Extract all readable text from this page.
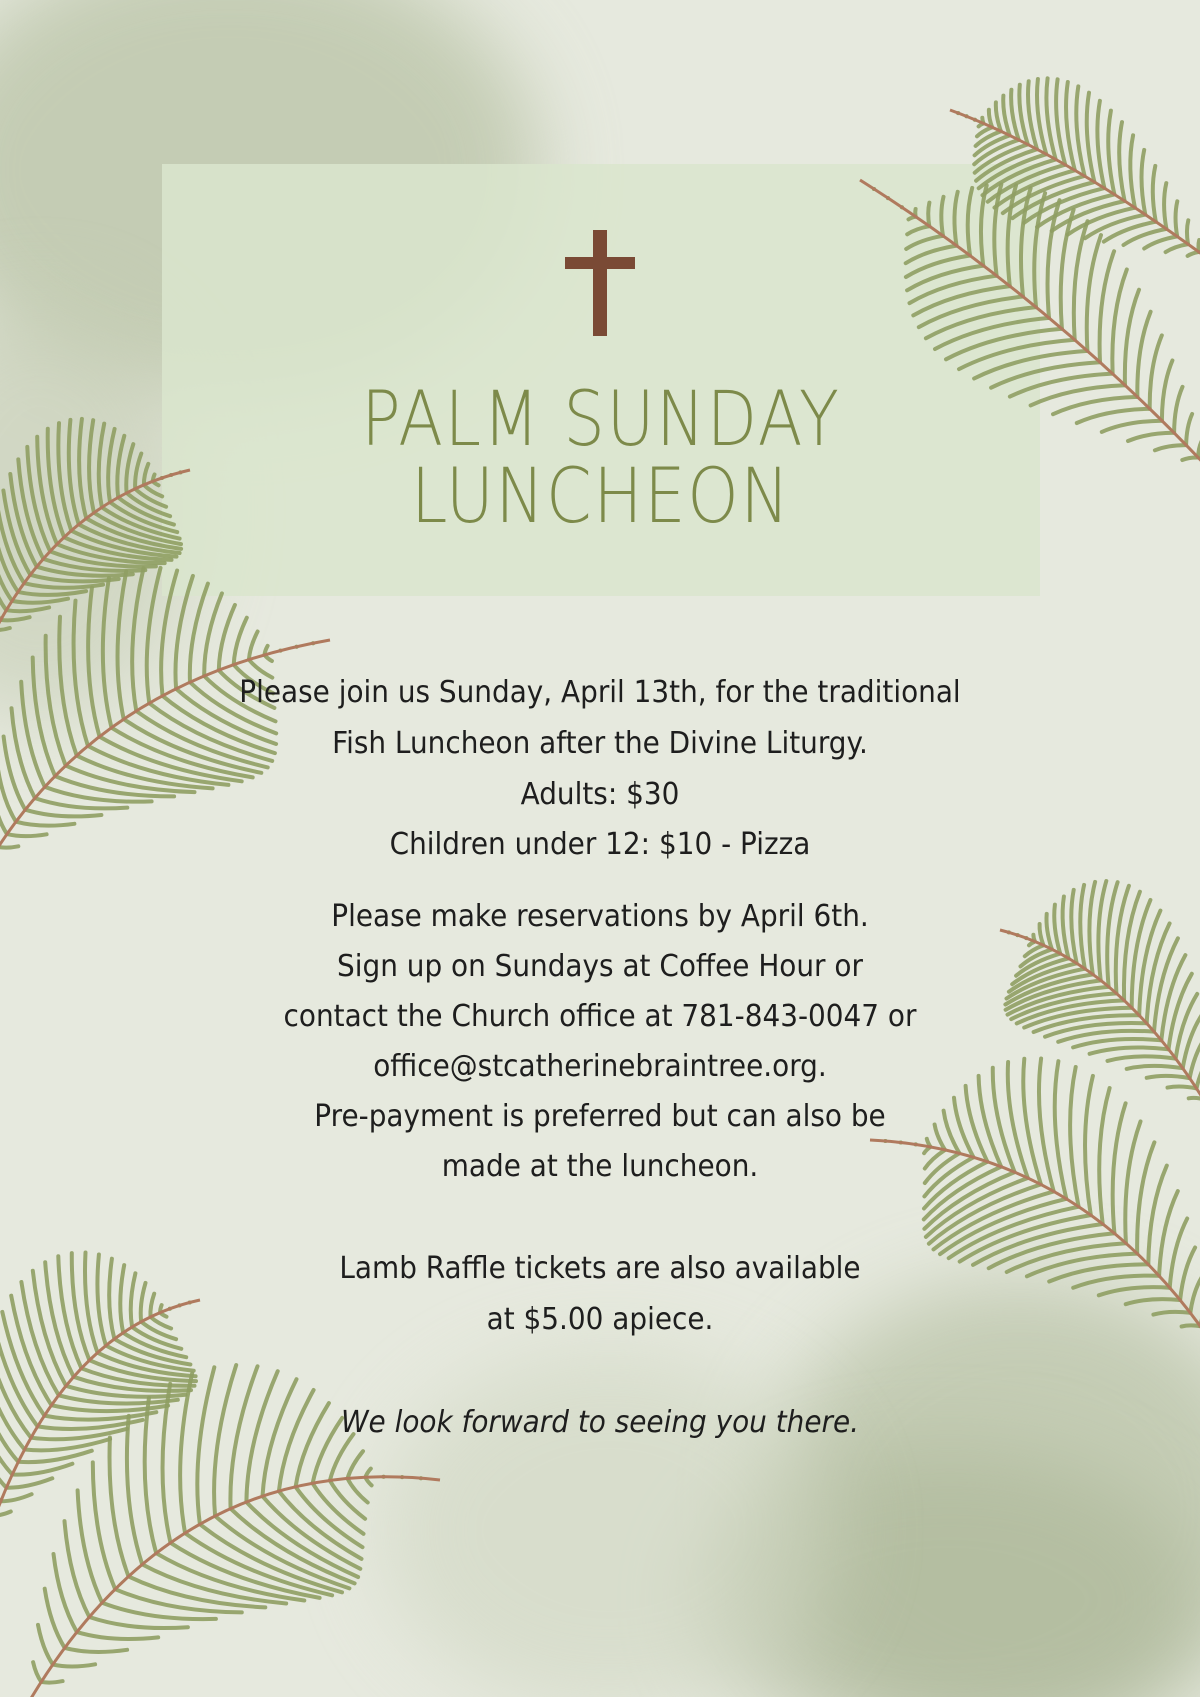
PALM SUNDAY
LUNCHEON
Please join us Sunday, April 13th, for the traditional
Fish Luncheon after the Divine Liturgy.
Adults: $30
Children under 12: $10 - Pizza
Please make reservations by April 6th.
Sign up on Sundays at Coffee Hour or
contact the Church office at 781-843-0047 or
office@stcatherinebraintree.org.
Pre-payment is preferred but can also be
made at the luncheon.
Lamb Raffle tickets are also available
at $5.00 apiece.
We look forward to seeing you there.
